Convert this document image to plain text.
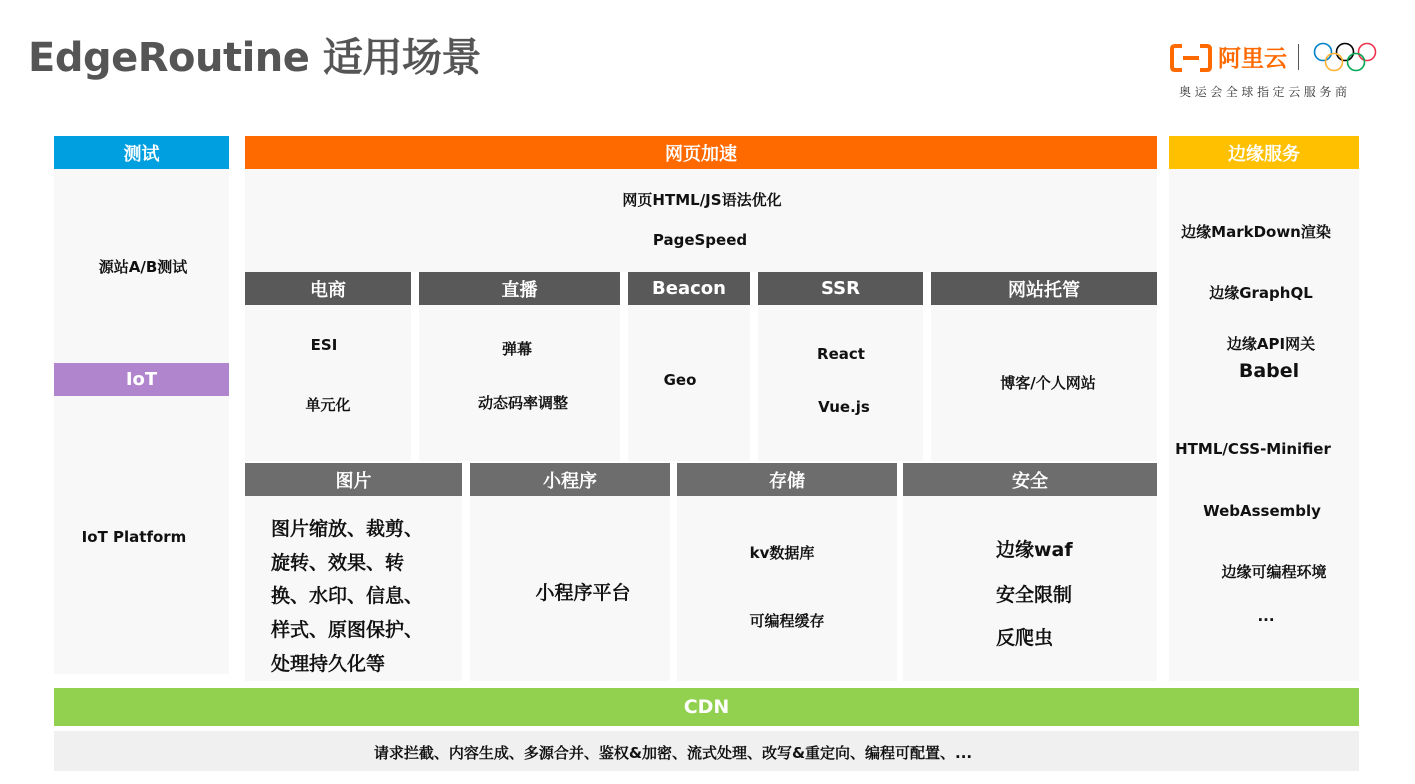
EdgeRoutine 适用场景	阿里云
奥运会全球指定云服务商
测试
源站A/B测试
IoT
IoT Platform
网页加速
网页HTML/JS语法优化
PageSpeed
边缘服务
边缘MarkDown渲染
边缘GraphQL
边缘API网关
Babel
HTML/CSS-Minifier
WebAssembly
边缘可编程环境
...
电商
ESI
单元化
直播
弹幕
动态码率调整
Beacon
Geo
SSR
React
Vue.js
网站托管
博客/个人网站
图片
图片缩放、裁剪、
旋转、效果、转
换、水印、信息、
样式、原图保护、
处理持久化等
小程序
小程序平台
存储
kv数据库
可编程缓存
安全
边缘waf
安全限制
反爬虫
CDN
请求拦截、内容生成、多源合并、鉴权&加密、流式处理、改写&重定向、编程可配置、...
